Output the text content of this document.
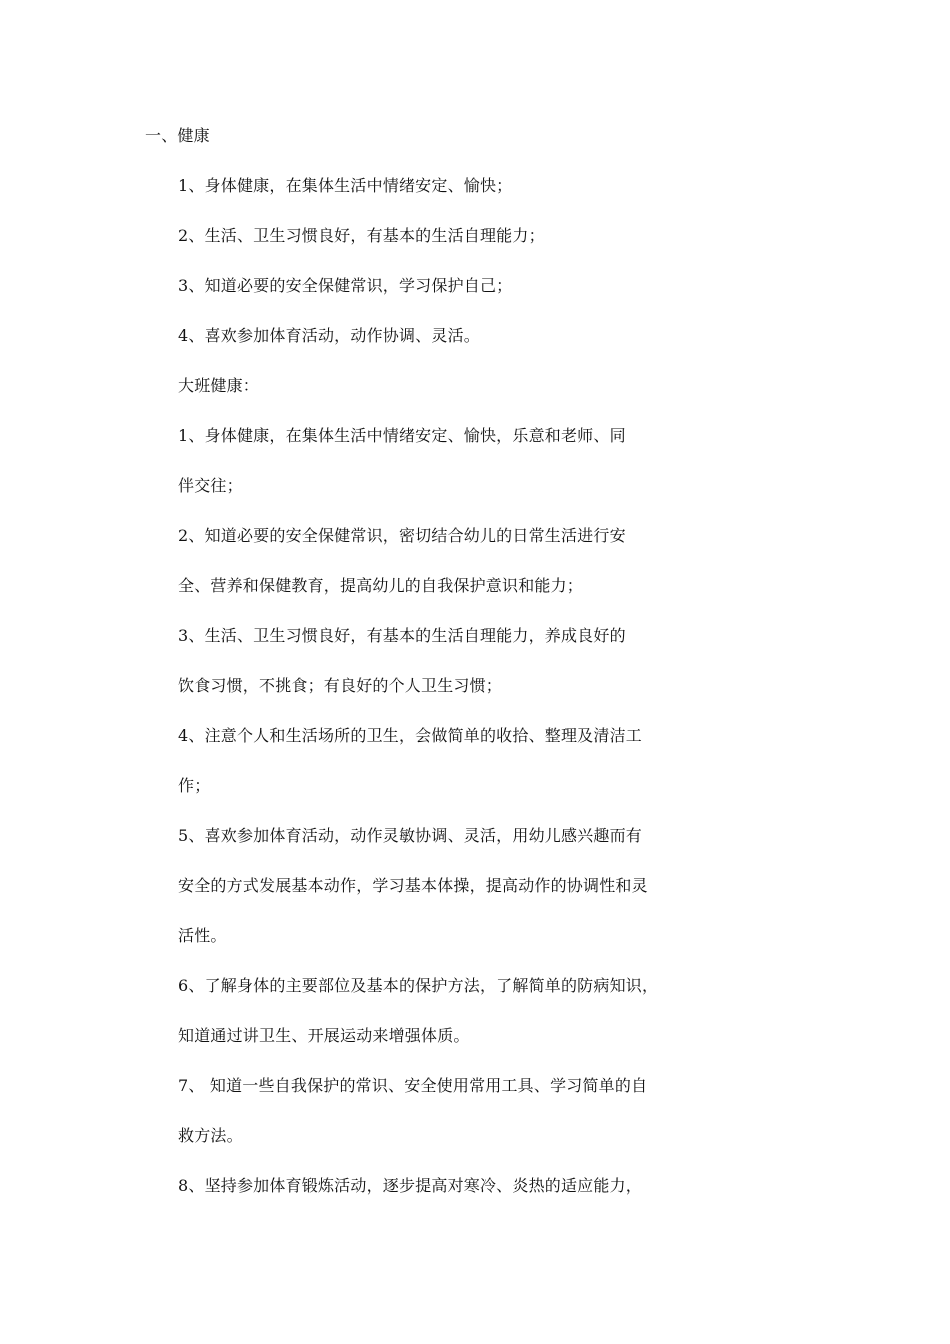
一、健康
1、身体健康，在集体生活中情绪安定、愉快；
2、生活、卫生习惯良好，有基本的生活自理能力；
3、知道必要的安全保健常识，学习保护自己；
4、喜欢参加体育活动，动作协调、灵活。
大班健康：
1、身体健康，在集体生活中情绪安定、愉快，乐意和老师、同
伴交往；
2、知道必要的安全保健常识，密切结合幼儿的日常生活进行安
全、营养和保健教育，提高幼儿的自我保护意识和能力；
3、生活、卫生习惯良好，有基本的生活自理能力，养成良好的
饮食习惯，不挑食；有良好的个人卫生习惯；
4、注意个人和生活场所的卫生，会做简单的收拾、整理及清洁工
作；
5、喜欢参加体育活动，动作灵敏协调、灵活，用幼儿感兴趣而有
安全的方式发展基本动作，学习基本体操，提高动作的协调性和灵
活性。
6、了解身体的主要部位及基本的保护方法，了解简单的防病知识，
知道通过讲卫生、开展运动来增强体质。
7、 知道一些自我保护的常识、安全使用常用工具、学习简单的自
救方法。
8、坚持参加体育锻炼活动，逐步提高对寒冷、炎热的适应能力，
